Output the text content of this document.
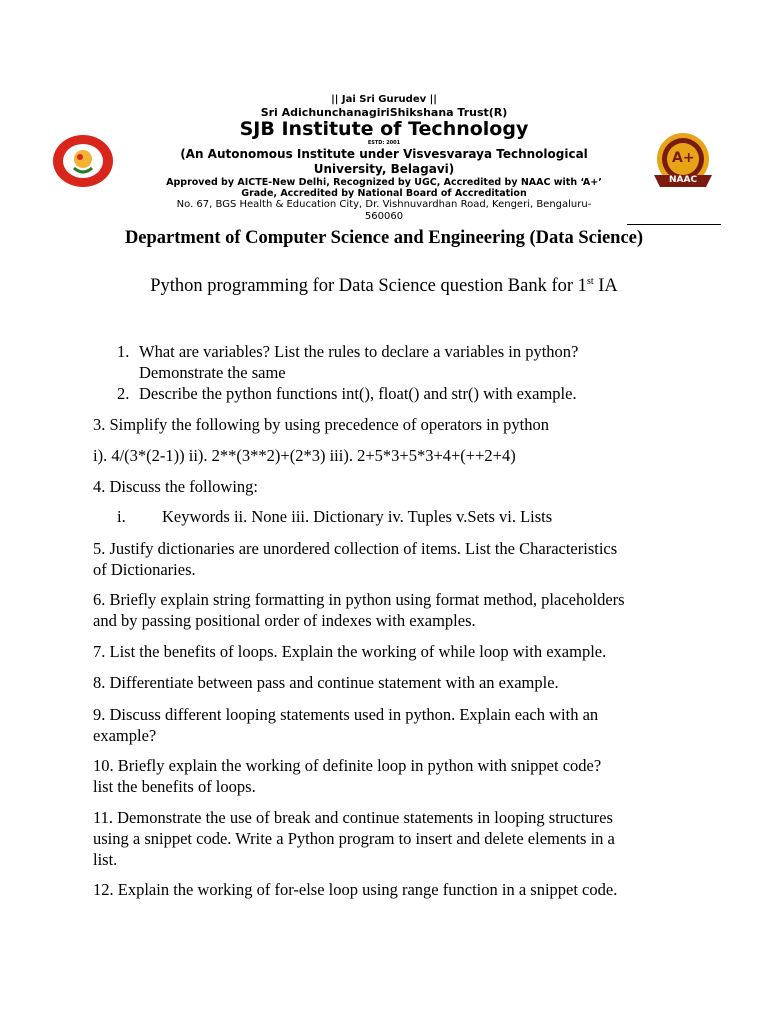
|| Jai Sri Gurudev ||
Sri AdichunchanagiriShikshana Trust(R)
SJB Institute of Technology
ESTD: 2001
(An Autonomous Institute under Visvesvaraya Technological
University, Belagavi)
Approved by AICTE-New Delhi, Recognized by UGC, Accredited by NAAC with ‘A+’
Grade, Accredited by National Board of Accreditation
No. 67, BGS Health & Education City, Dr. Vishnuvardhan Road, Kengeri, Bengaluru-
560060
A+
NAAC
Department of Computer Science and Engineering (Data Science)
Python programming for Data Science question Bank for 1st IA
1. What are variables? List the rules to declare a variables in python?
Demonstrate the same
2. Describe the python functions int(), float() and str() with example.
3. Simplify the following by using precedence of operators in python
i). 4/(3*(2-1)) ii). 2**(3**2)+(2*3) iii). 2+5*3+5*3+4+(++2+4)
4. Discuss the following:
i. Keywords ii. None iii. Dictionary iv. Tuples v.Sets vi. Lists
5. Justify dictionaries are unordered collection of items. List the Characteristics
of Dictionaries.
6. Briefly explain string formatting in python using format method, placeholders
and by passing positional order of indexes with examples.
7. List the benefits of loops. Explain the working of while loop with example.
8. Differentiate between pass and continue statement with an example.
9. Discuss different looping statements used in python. Explain each with an
example?
10. Briefly explain the working of definite loop in python with snippet code?
list the benefits of loops.
11. Demonstrate the use of break and continue statements in looping structures
using a snippet code. Write a Python program to insert and delete elements in a
list.
12. Explain the working of for-else loop using range function in a snippet code.
